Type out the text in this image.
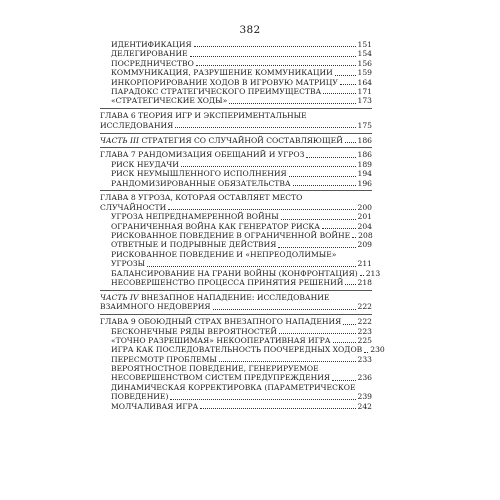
382
ИДЕНТИФИКАЦИЯ	151
ДЕЛЕГИРОВАНИЕ	154
ПОСРЕДНИЧЕСТВО	156
КОММУНИКАЦИЯ, РАЗРУШЕНИЕ КОММУНИКАЦИИ	159
ИНКОРПОРИРОВАНИЕ ХОДОВ В ИГРОВУЮ МАТРИЦУ	164
ПАРАДОКС СТРАТЕГИЧЕСКОГО ПРЕИМУЩЕСТВА	171
«СТРАТЕГИЧЕСКИЕ ХОДЫ»	173
ГЛАВА 6 ТЕОРИЯ ИГР И ЭКСПЕРИМЕНТАЛЬНЫЕ
ИССЛЕДОВАНИЯ	175
ЧАСТЬ III СТРАТЕГИЯ СО СЛУЧАЙНОЙ СОСТАВЛЯЮЩЕЙ 186
ГЛАВА 7 РАНДОМИЗАЦИЯ ОБЕЩАНИЙ И УГРОЗ	186
РИСК НЕУДАЧИ	189
РИСК НЕУМЫШЛЕННОГО ИСПОЛНЕНИЯ	194
РАНДОМИЗИРОВАННЫЕ ОБЯЗАТЕЛЬСТВА	196
ГЛАВА 8 УГРОЗА, КОТОРАЯ ОСТАВЛЯЕТ МЕСТО
СЛУЧАЙНОСТИ	200
УГРОЗА НЕПРЕДНАМЕРЕННОЙ ВОЙНЫ	201
ОГРАНИЧЕННАЯ ВОЙНА КАК ГЕНЕРАТОР РИСКА	204
РИСКОВАННОЕ ПОВЕДЕНИЕ В ОГРАНИЧЕННОЙ ВОЙНЕ 208
ОТВЕТНЫЕ И ПОДРЫВНЫЕ ДЕЙСТВИЯ	209
РИСКОВАННОЕ ПОВЕДЕНИЕ И «НЕПРЕОДОЛИМЫЕ»
УГРОЗЫ	211
БАЛАНСИРОВАНИЕ НА ГРАНИ ВОЙНЫ (КОНФРОНТАЦИЯ) 213
НЕСОВЕРШЕНСТВО ПРОЦЕССА ПРИНЯТИЯ РЕШЕНИЙ 218
ЧАСТЬ IV ВНЕЗАПНОЕ НАПАДЕНИЕ: ИССЛЕДОВАНИЕ
ВЗАИМНОГО НЕДОВЕРИЯ	222
ГЛАВА 9 ОБОЮДНЫЙ СТРАХ ВНЕЗАПНОГО НАПАДЕНИЯ 222
БЕСКОНЕЧНЫЕ РЯДЫ ВЕРОЯТНОСТЕЙ	223
«ТОЧНО РАЗРЕШИМАЯ» НЕКООПЕРАТИВНАЯ ИГРА	225
ИГРА КАК ПОСЛЕДОВАТЕЛЬНОСТЬ ПООЧЕРЕДНЫХ ХОДОВ 230
ПЕРЕСМОТР ПРОБЛЕМЫ	233
ВЕРОЯТНОСТНОЕ ПОВЕДЕНИЕ, ГЕНЕРИРУЕМОЕ
НЕСОВЕРШЕНСТВОМ СИСТЕМ ПРЕДУПРЕЖДЕНИЯ	236
ДИНАМИЧЕСКАЯ КОРРЕКТИРОВКА (ПАРАМЕТРИЧЕСКОЕ
ПОВЕДЕНИЕ)	239
МОЛЧАЛИВАЯ ИГРА	242
